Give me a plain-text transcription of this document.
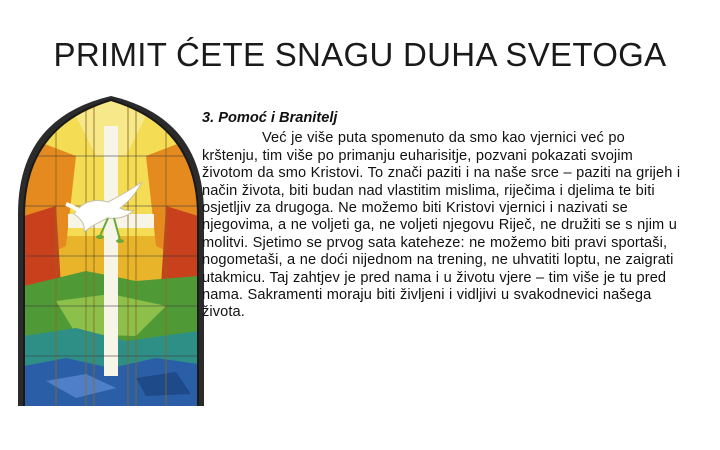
PRIMIT ĆETE SNAGU DUHA SVETOGA

3. Pomoć i Branitelj

Već je više puta spomenuto da smo kao vjernici već po krštenju, tim više po primanju euharisitje, pozvani pokazati svojim životom da smo Kristovi. To znači paziti i na naše srce – paziti na grijeh i način života, biti budan nad vlastitim mislima, riječima i djelima te biti osjetljiv za drugoga. Ne možemo biti Kristovi vjernici i nazivati se njegovima, a ne voljeti ga, ne voljeti njegovu Riječ, ne družiti se s njim u molitvi. Sjetimo se prvog sata kateheze: ne možemo biti pravi sportaši, nogometaši, a ne doći nijednom na trening, ne uhvatiti loptu, ne zaigrati utakmicu. Taj zahtjev je pred nama i u životu vjere – tim više je tu pred nama. Sakramenti moraju biti življeni i vidljivi u svakodnevici našega života.
